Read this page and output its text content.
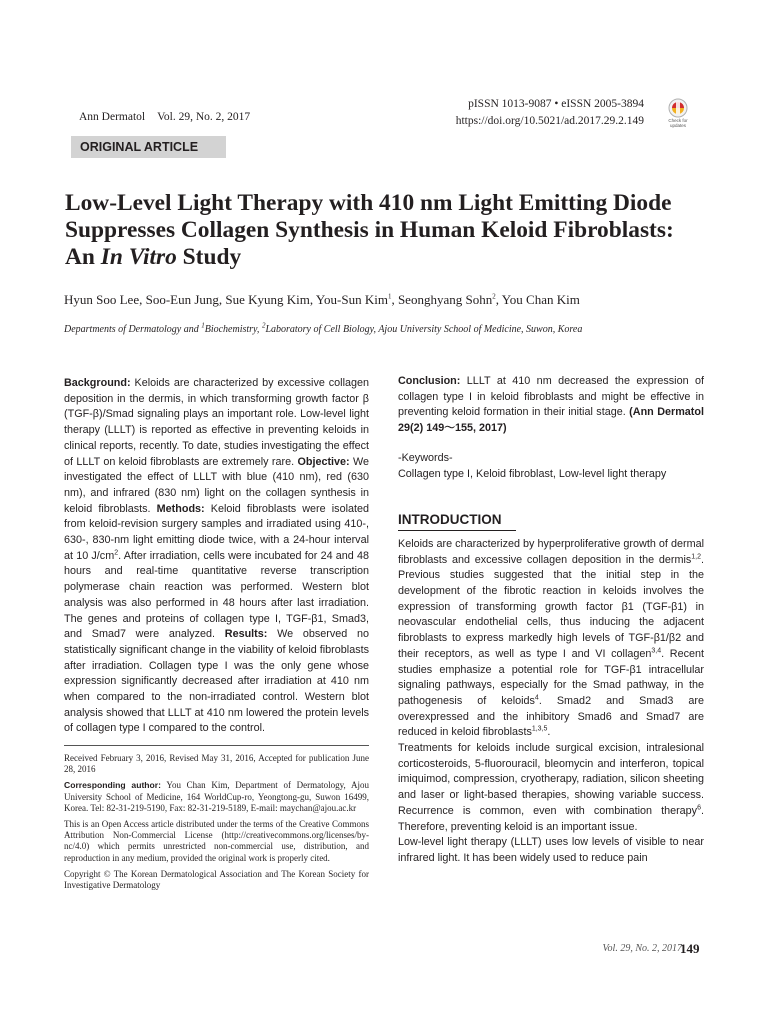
Ann Dermatol Vol. 29, No. 2, 2017
pISSN 1013-9087 • eISSN 2005-3894
https://doi.org/10.5021/ad.2017.29.2.149	Check for updates
ORIGINAL ARTICLE
Low-Level Light Therapy with 410 nm Light Emitting Diode Suppresses Collagen Synthesis in Human Keloid Fibroblasts: An In Vitro Study
Hyun Soo Lee, Soo-Eun Jung, Sue Kyung Kim, You-Sun Kim$^1$, Seonghyang Sohn$^2$, You Chan Kim
Departments of Dermatology and $^1$Biochemistry, $^2$Laboratory of Cell Biology, Ajou University School of Medicine, Suwon, Korea

Background: Keloids are characterized by excessive collagen deposition in the dermis, in which transforming growth factor β (TGF-β)/Smad signaling plays an important role. Low-level light therapy (LLLT) is reported as effective in preventing keloids in clinical reports, recently. To date, studies investigating the effect of LLLT on keloid fibroblasts are extremely rare. Objective: We investigated the effect of LLLT with blue (410 nm), red (630 nm), and infrared (830 nm) light on the collagen synthesis in keloid fibroblasts. Methods: Keloid fibroblasts were isolated from keloid-revision surgery samples and irradiated using 410-, 630-, 830-nm light emitting diode twice, with a 24-hour interval at 10 $J/cm^2$. After irradiation, cells were incubated for 24 and 48 hours and real-time quantitative reverse transcription polymerase chain reaction was performed. Western blot analysis was also performed in 48 hours after last irradiation. The genes and proteins of collagen type I, TGF-β1, Smad3, and Smad7 were analyzed. Results: We observed no statistically significant change in the viability of keloid fibroblasts after irradiation. Collagen type I was the only gene whose expression significantly decreased after irradiation at 410 nm when compared to the non-irradiated control. Western blot analysis showed that LLLT at 410 nm lowered the protein levels of collagen type I compared to the control.

Conclusion: LLLT at 410 nm decreased the expression of collagen type I in keloid fibroblasts and might be effective in preventing keloid formation in their initial stage. (Ann Dermatol 29(2) 149～155, 2017)

-Keywords-

Collagen type I, Keloid fibroblast, Low-level light therapy

INTRODUCTION

Keloids are characterized by hyperproliferative growth of dermal fibroblasts and excessive collagen deposition in the dermis$^{1,2}$. Previous studies suggested that the initial step in the development of the fibrotic reaction in keloids involves the expression of transforming growth factor β1 (TGF-β1) in neovascular endothelial cells, thus inducing the adjacent fibroblasts to express markedly high levels of TGF-β1/β2 and their receptors, as well as type I and VI collagen$^{3,4}$. Recent studies emphasize a potential role for TGF-β1 intracellular signaling pathways, especially for the Smad pathway, in the pathogenesis of keloids$^4$. Smad2 and Smad3 are overexpressed and the inhibitory Smad6 and Smad7 are reduced in keloid fibroblasts$^{1,3,5}$.

Treatments for keloids include surgical excision, intralesional corticosteroids, 5-fluorouracil, bleomycin and interferon, topical imiquimod, compression, cryotherapy, radiation, silicon sheeting and laser or light-based therapies, showing variable success. Recurrence is common, even with combination therapy$^6$. Therefore, preventing keloid is an important issue.

Low-level light therapy (LLLT) uses low levels of visible to near infrared light. It has been widely used to reduce pain

Received February 3, 2016, Revised May 31, 2016, Accepted for publication June 28, 2016

Corresponding author: You Chan Kim, Department of Dermatology, Ajou University School of Medicine, 164 WorldCup-ro, Yeongtong-gu, Suwon 16499, Korea. Tel: 82-31-219-5190, Fax: 82-31-219-5189, E-mail: maychan@ajou.ac.kr

This is an Open Access article distributed under the terms of the Creative Commons Attribution Non-Commercial License (http://creativecommons.org/licenses/by-nc/4.0) which permits unrestricted non-commercial use, distribution, and reproduction in any medium, provided the original work is properly cited.

Copyright © The Korean Dermatological Association and The Korean Society for Investigative Dermatology

Vol. 29, No. 2, 2017
149
